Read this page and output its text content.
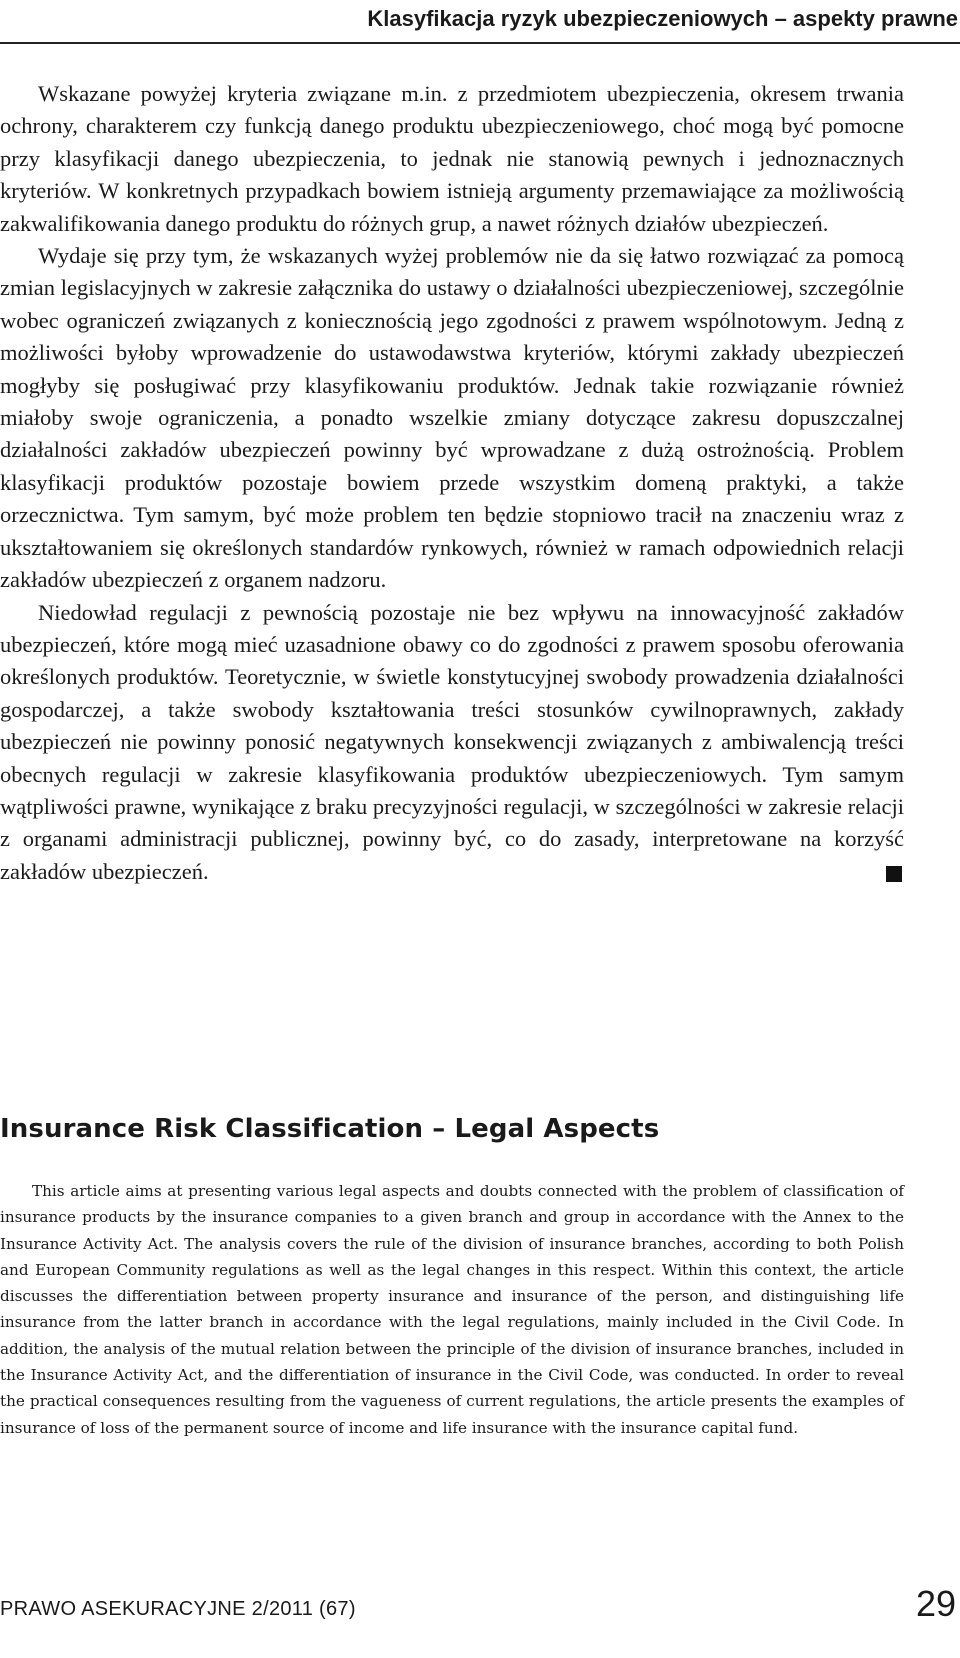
Klasyfikacja ryzyk ubezpieczeniowych – aspekty prawne

Wskazane powyżej kryteria związane m.in. z przedmiotem ubezpieczenia, okresem trwania ochrony, charakterem czy funkcją danego produktu ubezpieczeniowego, choć mogą być pomocne przy klasyfikacji danego ubezpieczenia, to jednak nie stanowią pewnych i jednoznacznych kryteriów. W konkretnych przypadkach bowiem istnieją argumenty przemawiające za możliwością zakwalifikowania danego produktu do różnych grup, a nawet różnych działów ubezpieczeń.

Wydaje się przy tym, że wskazanych wyżej problemów nie da się łatwo rozwiązać za pomocą zmian legislacyjnych w zakresie załącznika do ustawy o działalności ubezpieczeniowej, szczególnie wobec ograniczeń związanych z koniecznością jego zgodności z prawem wspólnotowym. Jedną z możliwości byłoby wprowadzenie do ustawodawstwa kryteriów, którymi zakłady ubezpieczeń mogłyby się posługiwać przy klasyfikowaniu produktów. Jednak takie rozwiązanie również miałoby swoje ograniczenia, a ponadto wszelkie zmiany dotyczące zakresu dopuszczalnej działalności zakładów ubezpieczeń powinny być wprowadzane z dużą ostrożnością. Problem klasyfikacji produktów pozostaje bowiem przede wszystkim domeną praktyki, a także orzecznictwa. Tym samym, być może problem ten będzie stopniowo tracił na znaczeniu wraz z ukształtowaniem się określonych standardów rynkowych, również w ramach odpowiednich relacji zakładów ubezpieczeń z organem nadzoru.

Niedowład regulacji z pewnością pozostaje nie bez wpływu na innowacyjność zakładów ubezpieczeń, które mogą mieć uzasadnione obawy co do zgodności z prawem sposobu oferowania określonych produktów. Teoretycznie, w świetle konstytucyjnej swobody prowadzenia działalności gospodarczej, a także swobody kształtowania treści stosunków cywilnoprawnych, zakłady ubezpieczeń nie powinny ponosić negatywnych konsekwencji związanych z ambiwalencją treści obecnych regulacji w zakresie klasyfikowania produktów ubezpieczeniowych. Tym samym wątpliwości prawne, wynikające z braku precyzyjności regulacji, w szczególności w zakresie relacji z organami administracji publicznej, powinny być, co do zasady, interpretowane na korzyść zakładów ubezpieczeń.

Insurance Risk Classification – Legal Aspects

This article aims at presenting various legal aspects and doubts connected with the problem of classification of insurance products by the insurance companies to a given branch and group in accordance with the Annex to the Insurance Activity Act. The analysis covers the rule of the division of insurance branches, according to both Polish and European Community regulations as well as the legal changes in this respect. Within this context, the article discusses the differentiation between property insurance and insurance of the person, and distinguishing life insurance from the latter branch in accordance with the legal regulations, mainly included in the Civil Code. In addition, the analysis of the mutual relation between the principle of the division of insurance branches, included in the Insurance Activity Act, and the differentiation of insurance in the Civil Code, was conducted. In order to reveal the practical consequences resulting from the vagueness of current regulations, the article presents the examples of insurance of loss of the permanent source of income and life insurance with the insurance capital fund.

PRAWO ASEKURACYJNE 2/2011 (67)	29
